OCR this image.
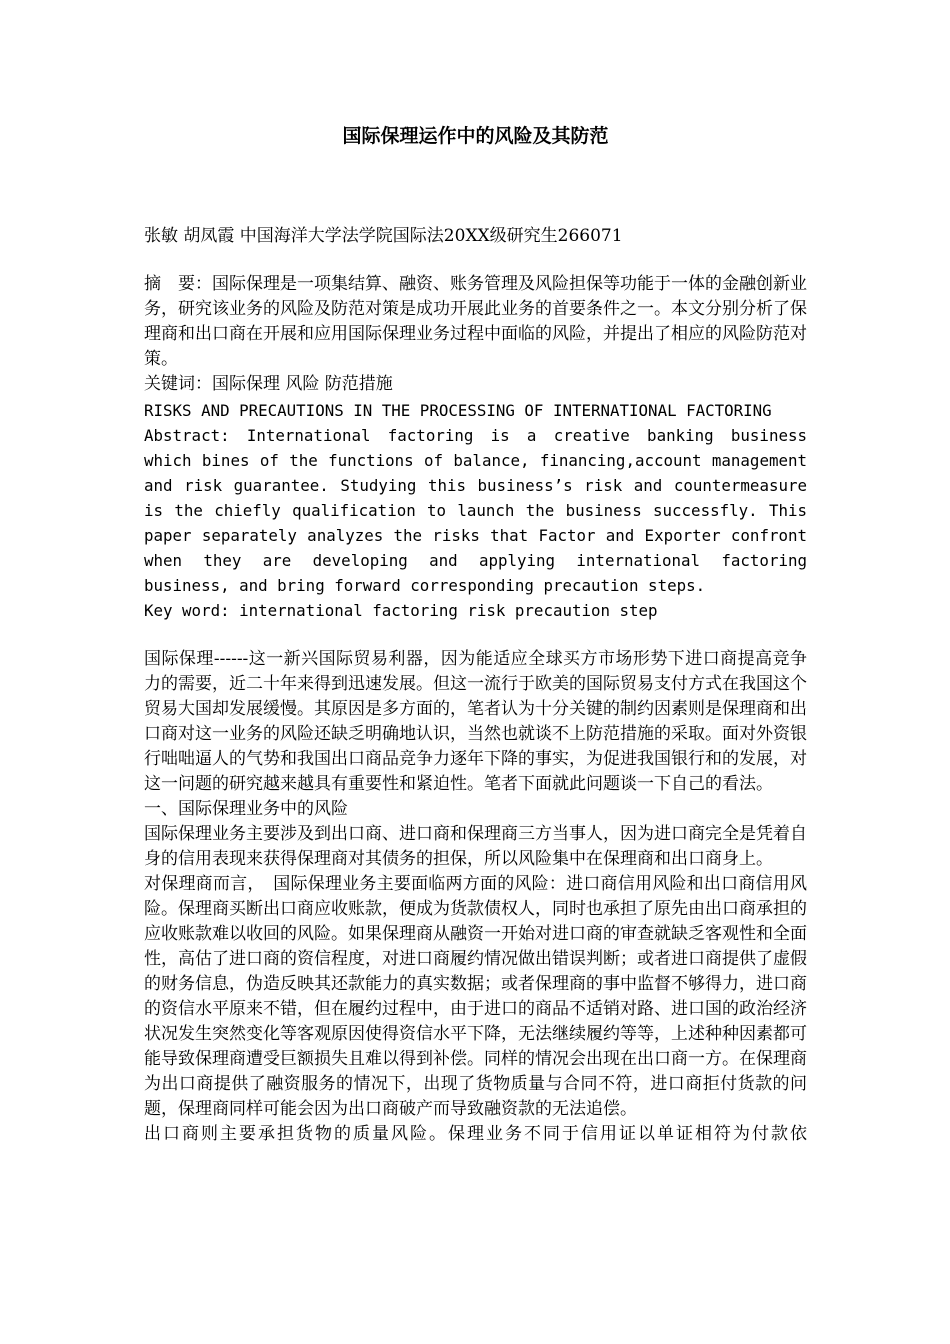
国际保理运作中的风险及其防范
张敏 胡凤霞 中国海洋大学法学院国际法20XX级研究生266071

摘　要：国际保理是一项集结算、融资、账务管理及风险担保等功能于一体的金融创新业务，研究该业务的风险及防范对策是成功开展此业务的首要条件之一。本文分别分析了保理商和出口商在开展和应用国际保理业务过程中面临的风险，并提出了相应的风险防范对策。

关键词：国际保理 风险 防范措施

RISKS AND PRECAUTIONS IN THE PROCESSING OF INTERNATIONAL FACTORING

Abstract: International factoring is a creative banking business which bines of the functions of balance, financing,account management and risk guarantee. Studying this business’s risk and countermeasure is the chiefly qualification to launch the business successfly. This paper separately analyzes the risks that Factor and Exporter confront when they are developing and applying international factoring business, and bring forward corresponding precaution steps.

Key word: international factoring risk precaution step

国际保理------这一新兴国际贸易利器，因为能适应全球买方市场形势下进口商提高竞争力的需要，近二十年来得到迅速发展。但这一流行于欧美的国际贸易支付方式在我国这个贸易大国却发展缓慢。其原因是多方面的，笔者认为十分关键的制约因素则是保理商和出口商对这一业务的风险还缺乏明确地认识，当然也就谈不上防范措施的采取。面对外资银行咄咄逼人的气势和我国出口商品竞争力逐年下降的事实，为促进我国银行和的发展，对这一问题的研究越来越具有重要性和紧迫性。笔者下面就此问题谈一下自己的看法。

一、国际保理业务中的风险

国际保理业务主要涉及到出口商、进口商和保理商三方当事人，因为进口商完全是凭着自身的信用表现来获得保理商对其债务的担保，所以风险集中在保理商和出口商身上。

对保理商而言，　国际保理业务主要面临两方面的风险：进口商信用风险和出口商信用风险。保理商买断出口商应收账款，便成为货款债权人，同时也承担了原先由出口商承担的应收账款难以收回的风险。如果保理商从融资一开始对进口商的审查就缺乏客观性和全面性，高估了进口商的资信程度，对进口商履约情况做出错误判断；或者进口商提供了虚假的财务信息，伪造反映其还款能力的真实数据；或者保理商的事中监督不够得力，进口商的资信水平原来不错，但在履约过程中，由于进口的商品不适销对路、进口国的政治经济状况发生突然变化等客观原因使得资信水平下降，无法继续履约等等，上述种种因素都可能导致保理商遭受巨额损失且难以得到补偿。同样的情况会出现在出口商一方。在保理商为出口商提供了融资服务的情况下，出现了货物质量与合同不符，进口商拒付货款的问题，保理商同样可能会因为出口商破产而导致融资款的无法追偿。

出口商则主要承担货物的质量风险。保理业务不同于信用证以单证相符为付款依
